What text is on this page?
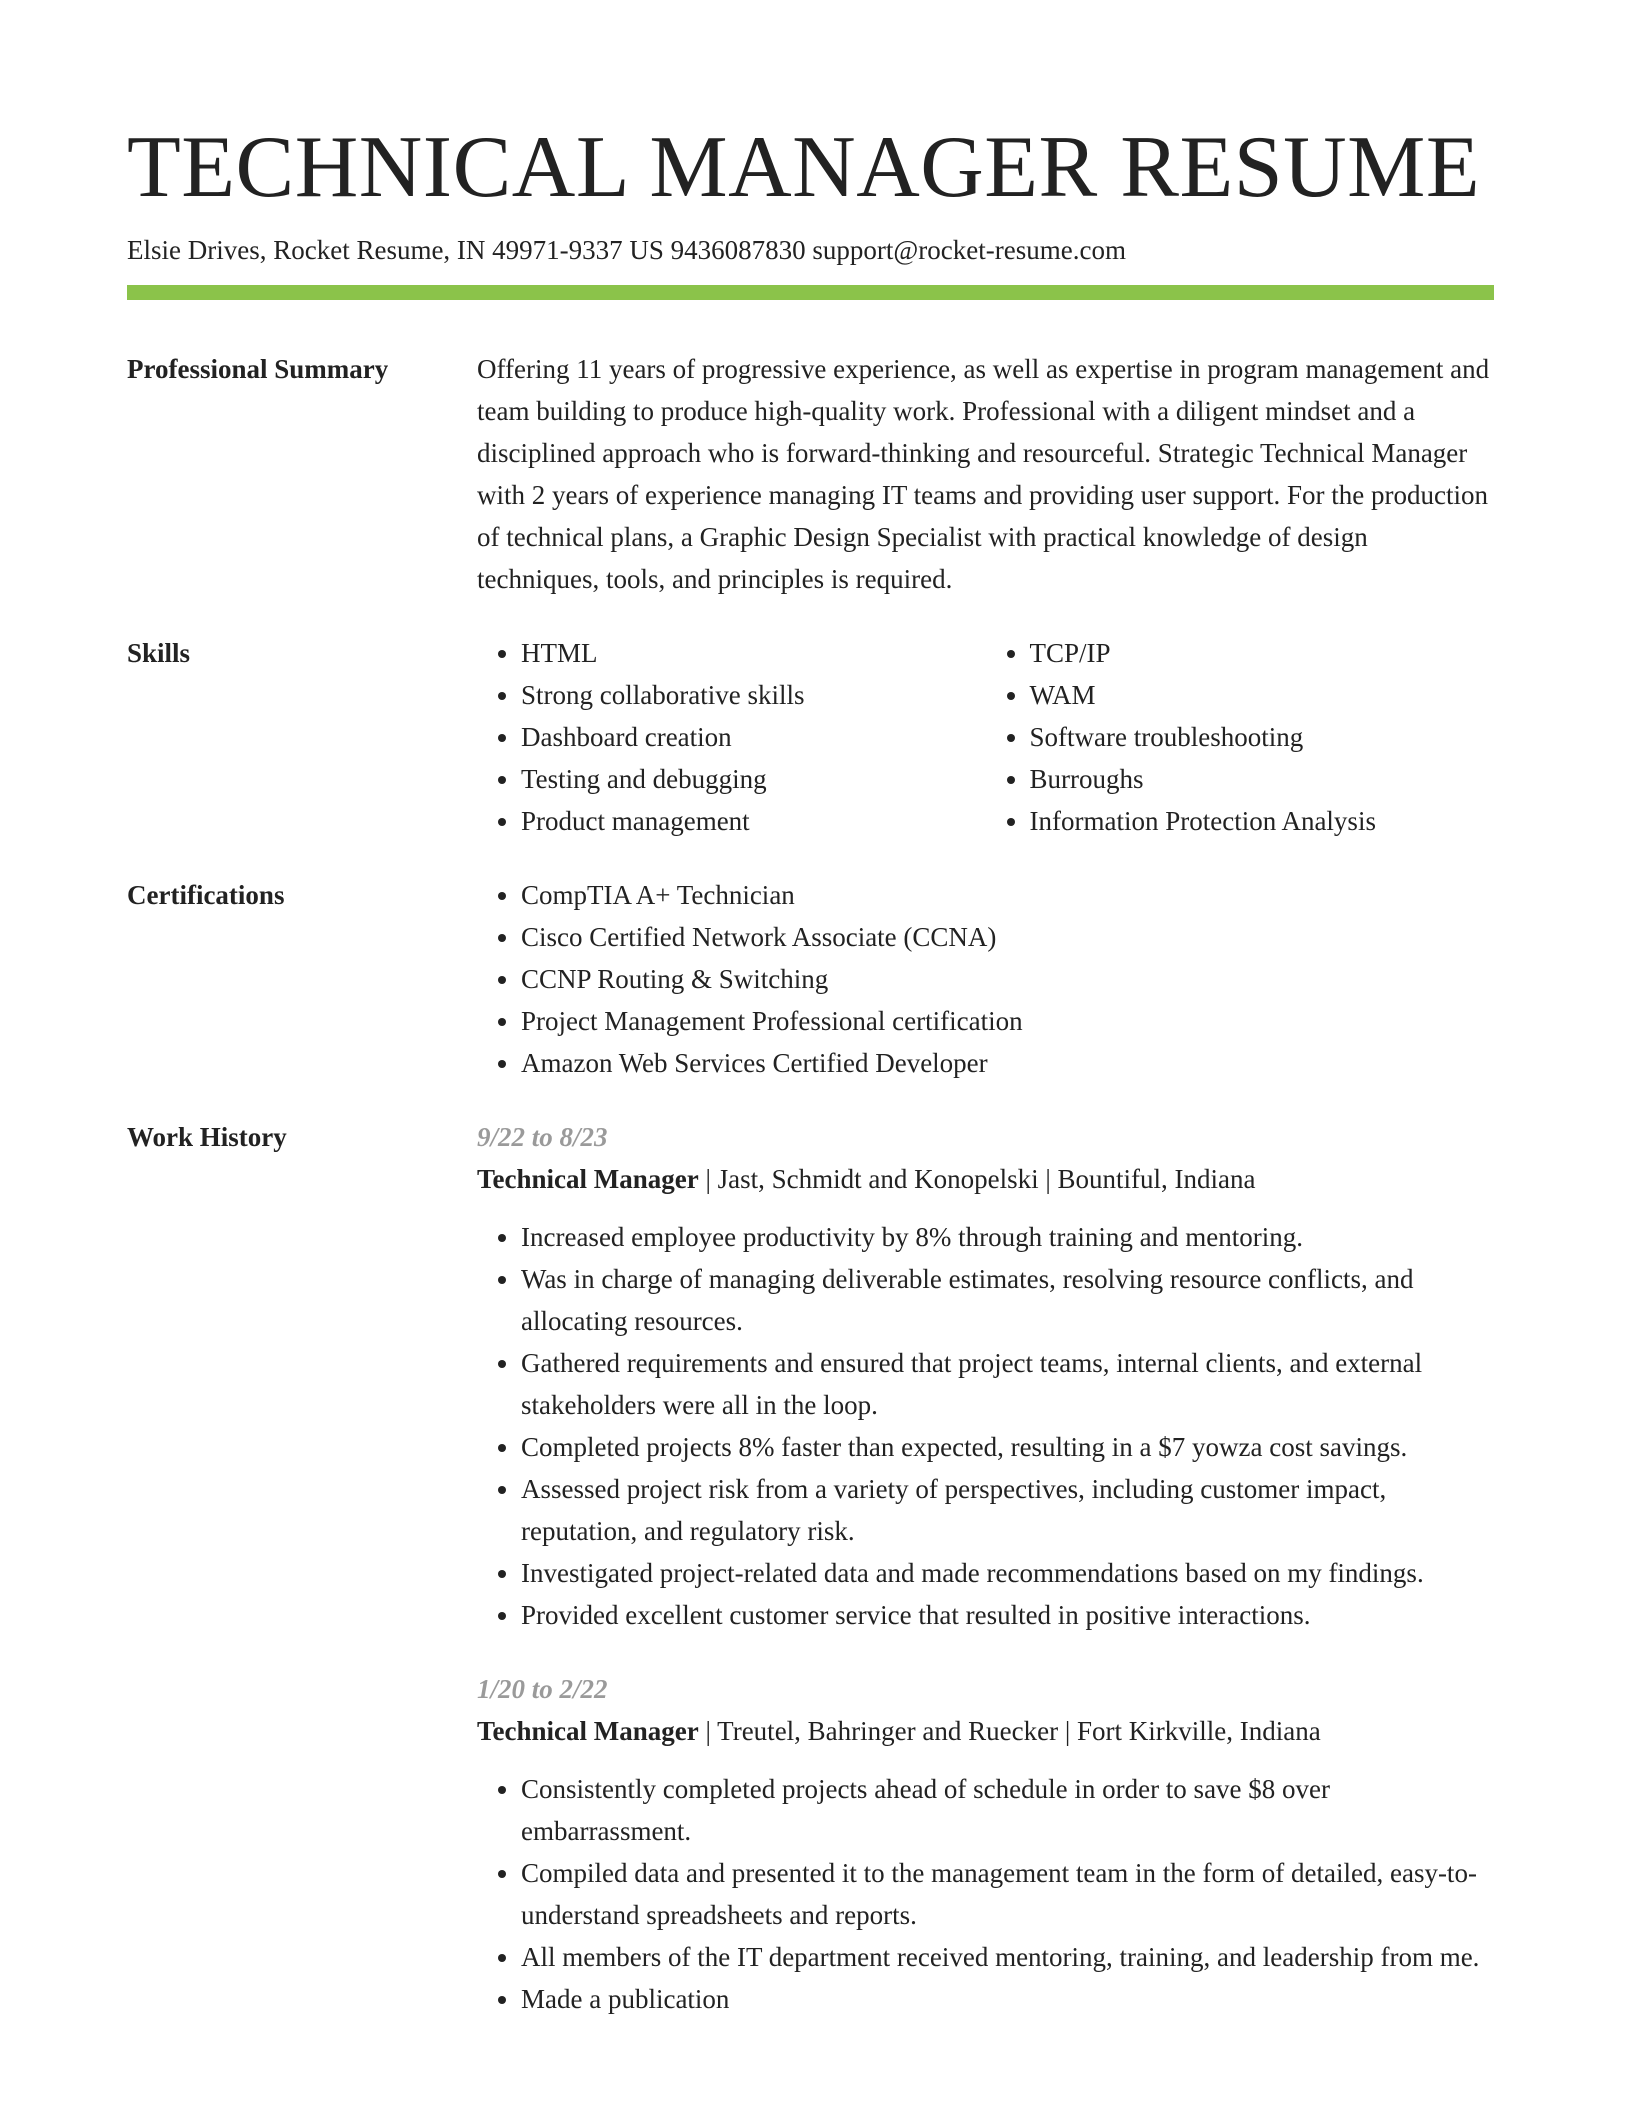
TECHNICAL MANAGER RESUME
Elsie Drives, Rocket Resume, IN 49971-9337 US 9436087830 support@rocket-resume.com
Professional Summary	Offering 11 years of progressive experience, as well as expertise in program management and team building to produce high-quality work. Professional with a diligent mindset and a disciplined approach who is forward-thinking and resourceful. Strategic Technical Manager with 2 years of experience managing IT teams and providing user support. For the production of technical plans, a Graphic Design Specialist with practical knowledge of design techniques, tools, and principles is required.

Skills	• HTML
• Strong collaborative skills
• Dashboard creation
• Testing and debugging
• Product management
• TCP/IP
• WAM
• Software troubleshooting
• Burroughs
• Information Protection Analysis
Certifications	• CompTIA A+ Technician
• Cisco Certified Network Associate (CCNA)
• CCNP Routing & Switching
• Project Management Professional certification
• Amazon Web Services Certified Developer
Work History	9/22 to 8/23
Technical Manager | Jast, Schmidt and Konopelski | Bountiful, Indiana
• Increased employee productivity by 8% through training and mentoring.
• Was in charge of managing deliverable estimates, resolving resource conflicts, and allocating resources.
• Gathered requirements and ensured that project teams, internal clients, and external stakeholders were all in the loop.
• Completed projects 8% faster than expected, resulting in a $7 yowza cost savings.
• Assessed project risk from a variety of perspectives, including customer impact, reputation, and regulatory risk.
• Investigated project-related data and made recommendations based on my findings.
• Provided excellent customer service that resulted in positive interactions.
1/20 to 2/22
Technical Manager | Treutel, Bahringer and Ruecker | Fort Kirkville, Indiana
• Consistently completed projects ahead of schedule in order to save $8 over embarrassment.
• Compiled data and presented it to the management team in the form of detailed, easy-to-understand spreadsheets and reports.
• All members of the IT department received mentoring, training, and leadership from me.
• Made a publication
